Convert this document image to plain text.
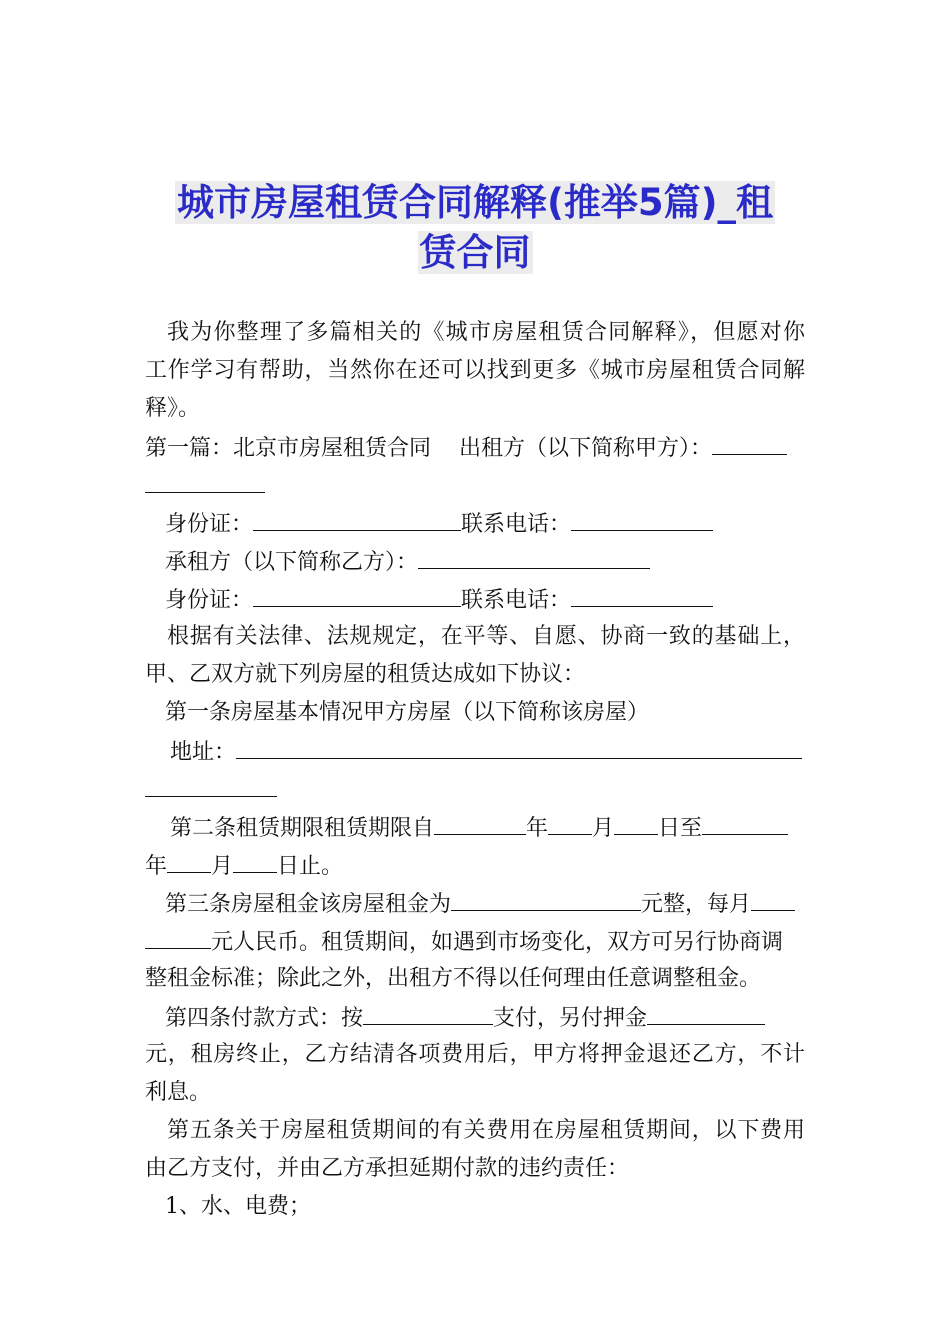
城市房屋租赁合同解释(推举5篇)_租
赁合同
我为你整理了多篇相关的《城市房屋租赁合同解释》，但愿对你
工作学习有帮助，当然你在还可以找到更多《城市房屋租赁合同解
释》。
第一篇：北京市房屋租赁合同    出租方（以下简称甲方）：
身份证：	联系电话：
承租方（以下简称乙方）：
身份证：	联系电话：
根据有关法律、法规规定，在平等、自愿、协商一致的基础上，
甲、乙双方就下列房屋的租赁达成如下协议：
第一条房屋基本情况甲方房屋（以下简称该房屋）
地址：
第二条租赁期限租赁期限自	年 月 日至
年 月 日止。
第三条房屋租金该房屋租金为	元整，每月
元人民币。租赁期间，如遇到市场变化，双方可另行协商调
整租金标准；除此之外，出租方不得以任何理由任意调整租金。
第四条付款方式：按	支付，另付押金
元，租房终止，乙方结清各项费用后，甲方将押金退还乙方，不计
利息。
第五条关于房屋租赁期间的有关费用在房屋租赁期间，以下费用
由乙方支付，并由乙方承担延期付款的违约责任：
1、水、电费；
